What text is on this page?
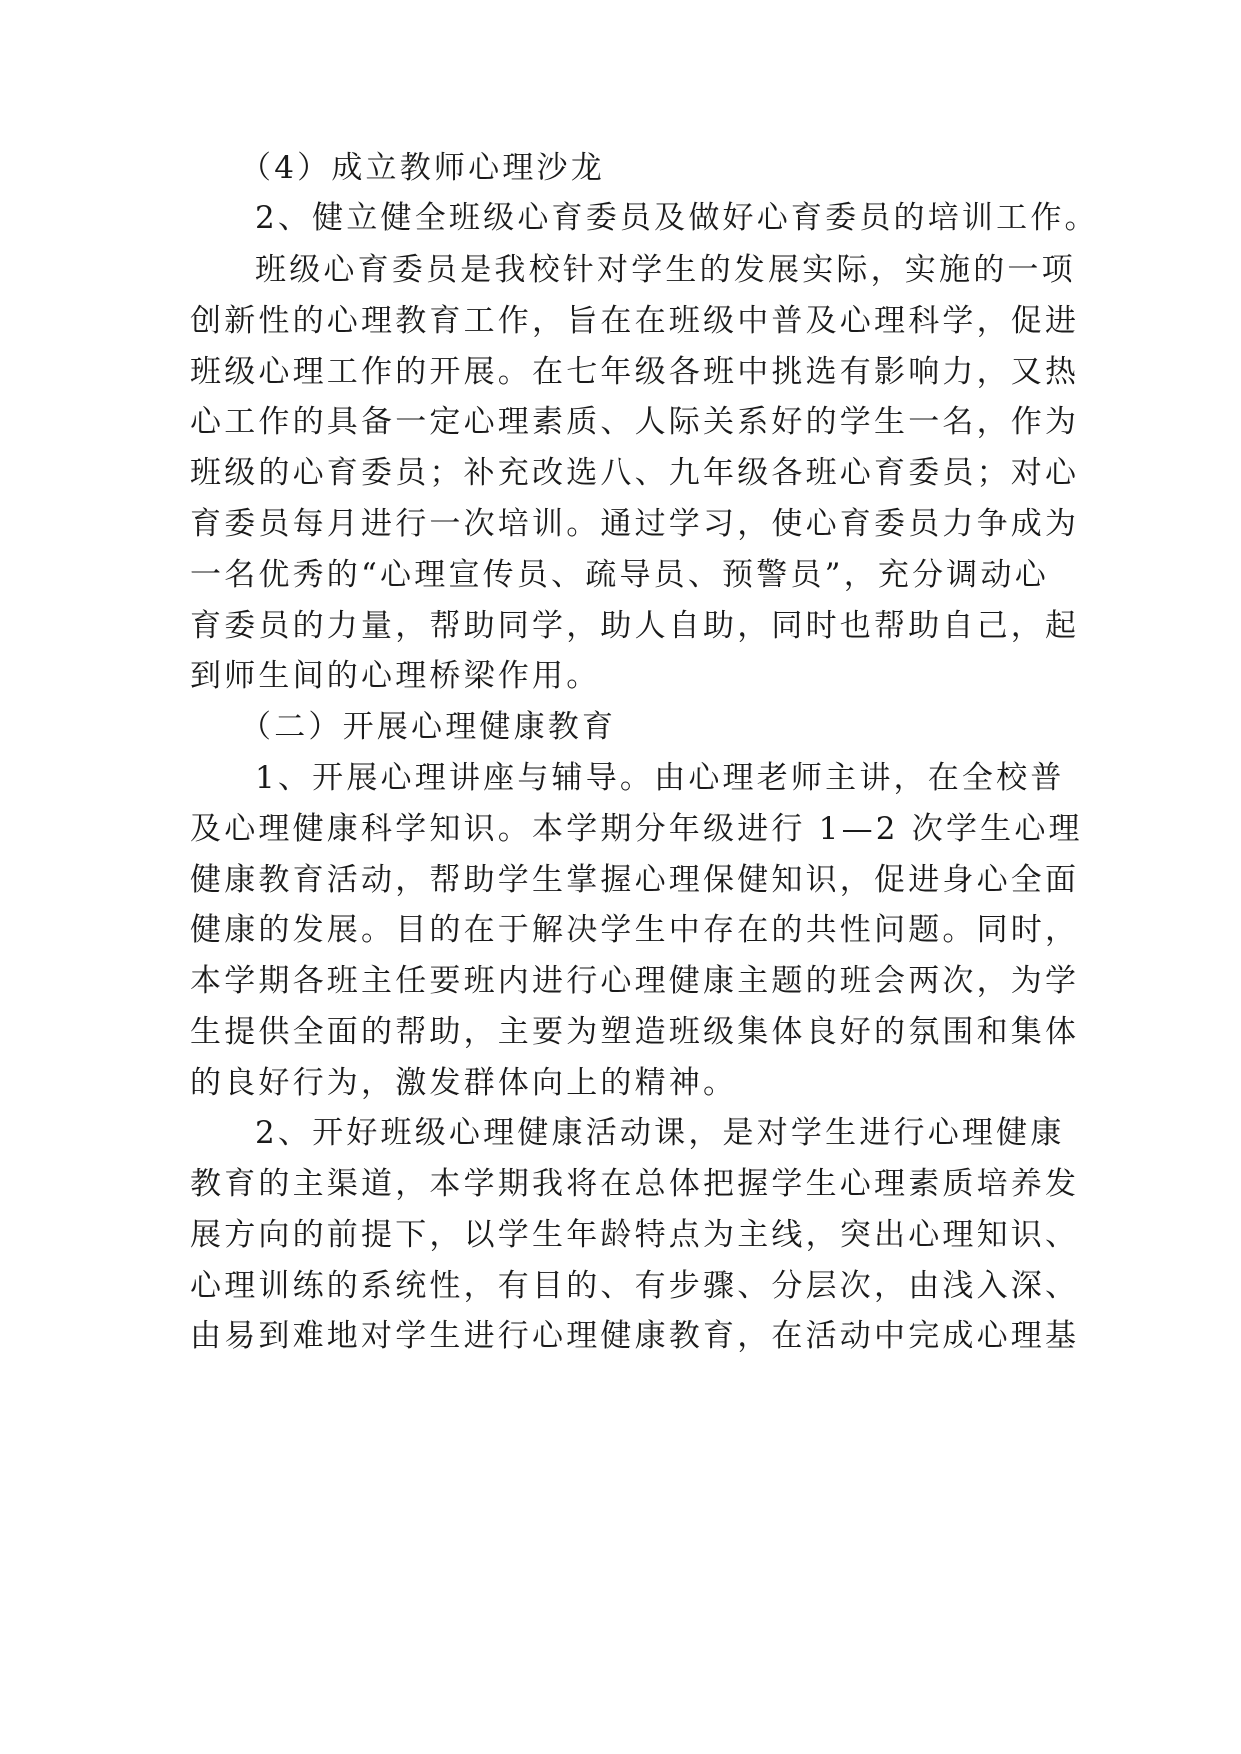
（4）成立教师心理沙龙
2、健立健全班级心育委员及做好心育委员的培训工作。
班级心育委员是我校针对学生的发展实际，实施的一项
创新性的心理教育工作，旨在在班级中普及心理科学，促进
班级心理工作的开展。在七年级各班中挑选有影响力，又热
心工作的具备一定心理素质、人际关系好的学生一名，作为
班级的心育委员；补充改选八、九年级各班心育委员；对心
育委员每月进行一次培训。通过学习，使心育委员力争成为
一名优秀的“心理宣传员、疏导员、预警员”，充分调动心
育委员的力量，帮助同学，助人自助，同时也帮助自己，起
到师生间的心理桥梁作用。
（二）开展心理健康教育
1、开展心理讲座与辅导。由心理老师主讲，在全校普
及心理健康科学知识。本学期分年级进行 1—2 次学生心理
健康教育活动，帮助学生掌握心理保健知识，促进身心全面
健康的发展。目的在于解决学生中存在的共性问题。同时，
本学期各班主任要班内进行心理健康主题的班会两次，为学
生提供全面的帮助，主要为塑造班级集体良好的氛围和集体
的良好行为，激发群体向上的精神。
2、开好班级心理健康活动课，是对学生进行心理健康
教育的主渠道，本学期我将在总体把握学生心理素质培养发
展方向的前提下，以学生年龄特点为主线，突出心理知识、
心理训练的系统性，有目的、有步骤、分层次，由浅入深、
由易到难地对学生进行心理健康教育，在活动中完成心理基
